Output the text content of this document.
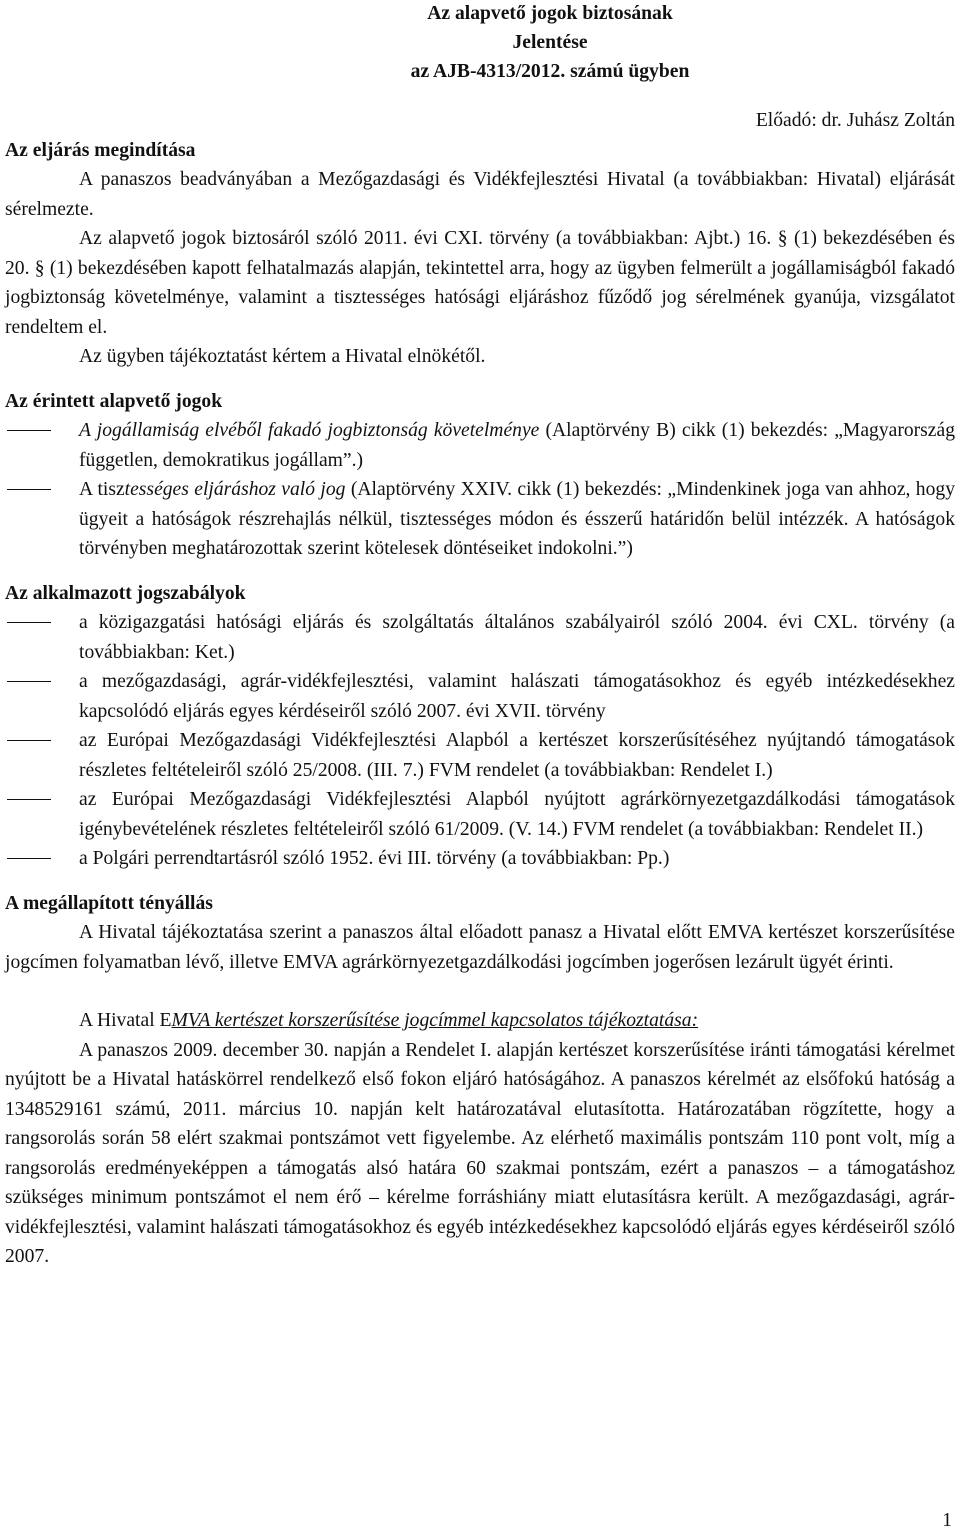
Az alapvető jogok biztosának
Jelentése
az AJB-4313/2012. számú ügyben
Előadó: dr. Juhász Zoltán
Az eljárás megindítása

A panaszos beadványában a Mezőgazdasági és Vidékfejlesztési Hivatal (a továbbiakban: Hivatal) eljárását sérelmezte.

Az alapvető jogok biztosáról szóló 2011. évi CXI. törvény (a továbbiakban: Ajbt.) 16. § (1) bekezdésében és 20. § (1) bekezdésében kapott felhatalmazás alapján, tekintettel arra, hogy az ügyben felmerült a jogállamiságból fakadó jogbiztonság követelménye, valamint a tisztességes hatósági eljáráshoz fűződő jog sérelmének gyanúja, vizsgálatot rendeltem el.

Az ügyben tájékoztatást kértem a Hivatal elnökétől.

Az érintett alapvető jogok
A jogállamiság elvéből fakadó jogbiztonság követelménye (Alaptörvény B) cikk (1) bekezdés: „Magyarország független, demokratikus jogállam”.)
A tisztességes eljáráshoz való jog (Alaptörvény XXIV. cikk (1) bekezdés: „Mindenkinek joga van ahhoz, hogy ügyeit a hatóságok részrehajlás nélkül, tisztességes módon és ésszerű határidőn belül intézzék. A hatóságok törvényben meghatározottak szerint kötelesek döntéseiket indokolni.”)
Az alkalmazott jogszabályok
a közigazgatási hatósági eljárás és szolgáltatás általános szabályairól szóló 2004. évi CXL. törvény (a továbbiakban: Ket.)
a mezőgazdasági, agrár-vidékfejlesztési, valamint halászati támogatásokhoz és egyéb intézkedésekhez kapcsolódó eljárás egyes kérdéseiről szóló 2007. évi XVII. törvény
az Európai Mezőgazdasági Vidékfejlesztési Alapból a kertészet korszerűsítéséhez nyújtandó támogatások részletes feltételeiről szóló 25/2008. (III. 7.) FVM rendelet (a továbbiakban: Rendelet I.)
az Európai Mezőgazdasági Vidékfejlesztési Alapból nyújtott agrárkörnyezetgazdálkodási támogatások igénybevételének részletes feltételeiről szóló 61/2009. (V. 14.) FVM rendelet (a továbbiakban: Rendelet II.)
a Polgári perrendtartásról szóló 1952. évi III. törvény (a továbbiakban: Pp.)
A megállapított tényállás

A Hivatal tájékoztatása szerint a panaszos által előadott panasz a Hivatal előtt EMVA kertészet korszerűsítése jogcímen folyamatban lévő, illetve EMVA agrárkörnyezetgazdálkodási jogcímben jogerősen lezárult ügyét érinti.

A Hivatal EMVA kertészet korszerűsítése jogcímmel kapcsolatos tájékoztatása:

A panaszos 2009. december 30. napján a Rendelet I. alapján kertészet korszerűsítése iránti támogatási kérelmet nyújtott be a Hivatal hatáskörrel rendelkező első fokon eljáró hatóságához. A panaszos kérelmét az elsőfokú hatóság a 1348529161 számú, 2011. március 10. napján kelt határozatával elutasította. Határozatában rögzítette, hogy a rangsorolás során 58 elért szakmai pontszámot vett figyelembe. Az elérhető maximális pontszám 110 pont volt, míg a rangsorolás eredményeképpen a támogatás alsó határa 60 szakmai pontszám, ezért a panaszos – a támogatáshoz szükséges minimum pontszámot el nem érő – kérelme forráshiány miatt elutasításra került. A mezőgazdasági, agrár-vidékfejlesztési, valamint halászati támogatásokhoz és egyéb intézkedésekhez kapcsolódó eljárás egyes kérdéseiről szóló 2007.

1
